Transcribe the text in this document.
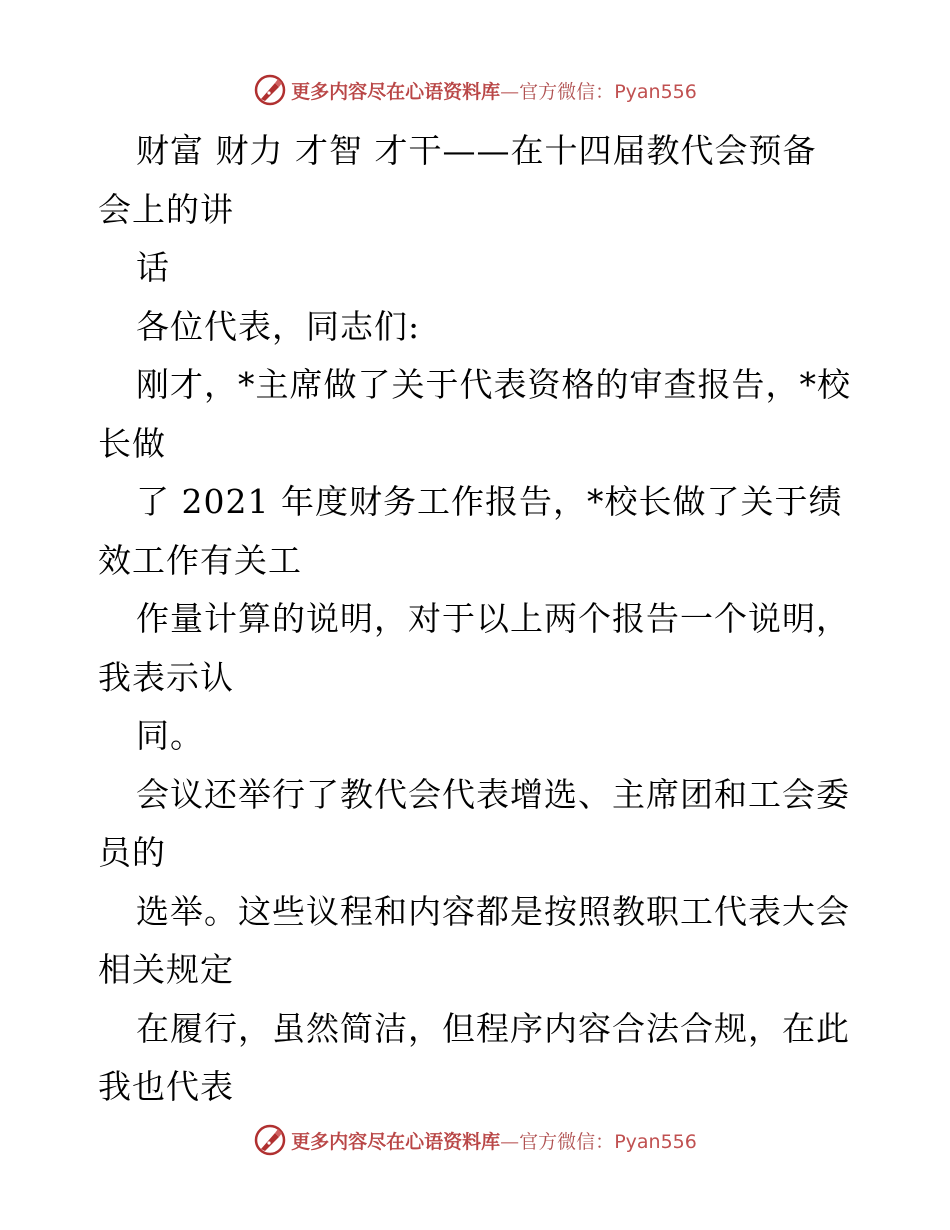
更多内容尽在心语资料库—官方微信：Pyan556
财富 财力 才智 才干——在十四届教代会预备
会上的讲
话
各位代表，同志们:
刚才，*主席做了关于代表资格的审查报告，*校
长做
了 2021 年度财务工作报告，*校长做了关于绩
效工作有关工
作量计算的说明，对于以上两个报告一个说明，
我表示认
同。
会议还举行了教代会代表增选、主席团和工会委
员的
选举。这些议程和内容都是按照教职工代表大会
相关规定
在履行，虽然简洁，但程序内容合法合规，在此
我也代表
更多内容尽在心语资料库—官方微信：Pyan556
